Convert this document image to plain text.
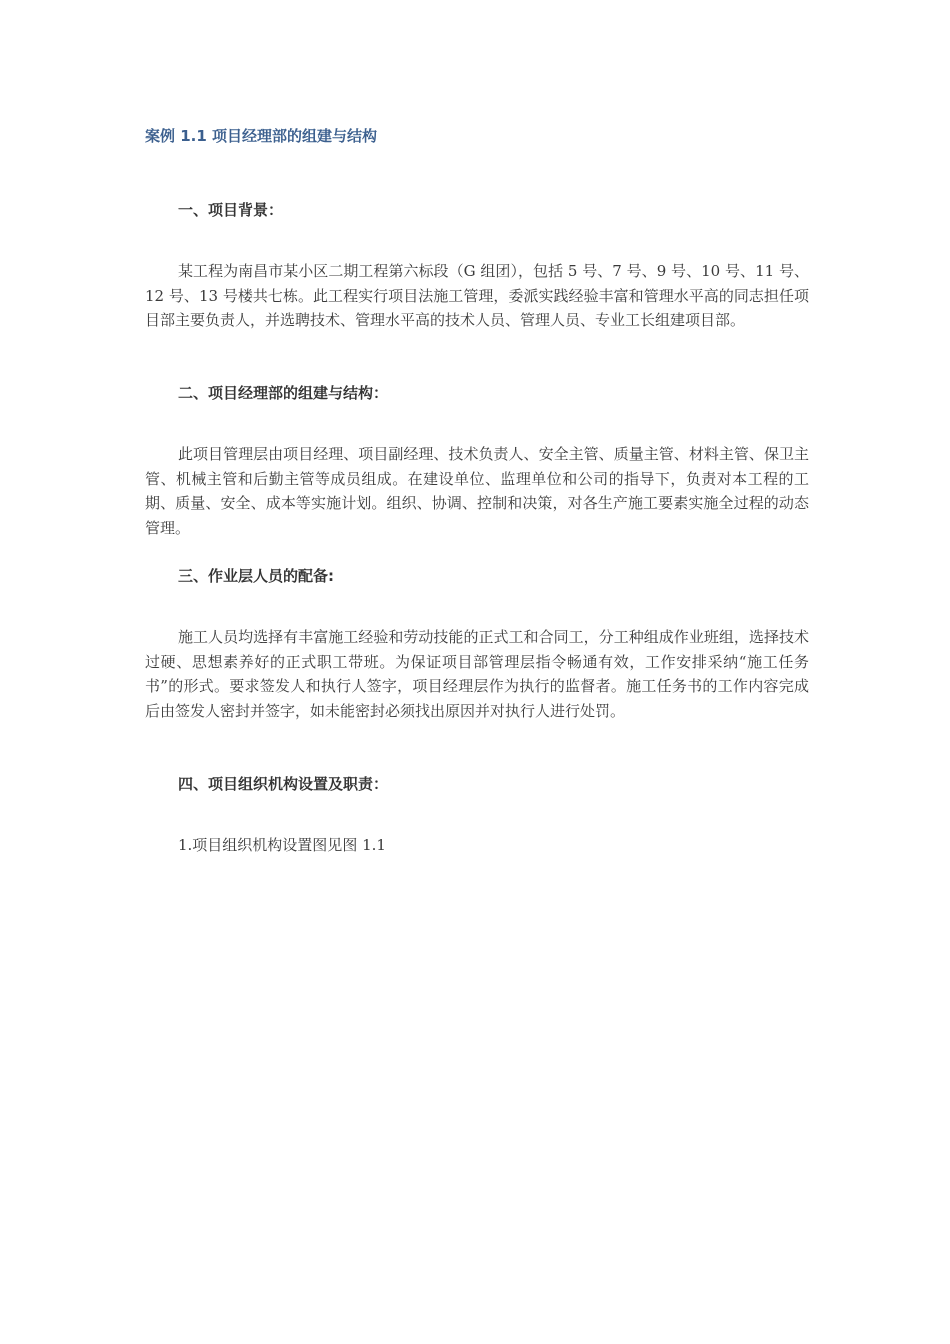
案例 1.1 项目经理部的组建与结构
一、项目背景：

某工程为南昌市某小区二期工程第六标段（G 组团），包括 5 号、7 号、9 号、10 号、11 号、12 号、13 号楼共七栋。此工程实行项目法施工管理，委派实践经验丰富和管理水平高的同志担任项目部主要负责人，并选聘技术、管理水平高的技术人员、管理人员、专业工长组建项目部。

二、项目经理部的组建与结构：

此项目管理层由项目经理、项目副经理、技术负责人、安全主管、质量主管、材料主管、保卫主管、机械主管和后勤主管等成员组成。在建设单位、监理单位和公司的指导下，负责对本工程的工期、质量、安全、成本等实施计划。组织、协调、控制和决策，对各生产施工要素实施全过程的动态管理。

三、作业层人员的配备:

施工人员均选择有丰富施工经验和劳动技能的正式工和合同工，分工种组成作业班组，选择技术过硬、思想素养好的正式职工带班。为保证项目部管理层指令畅通有效，工作安排采纳“施工任务书”的形式。要求签发人和执行人签字，项目经理层作为执行的监督者。施工任务书的工作内容完成后由签发人密封并签字，如未能密封必须找出原因并对执行人进行处罚。

四、项目组织机构设置及职责：

1.项目组织机构设置图见图 1.1
